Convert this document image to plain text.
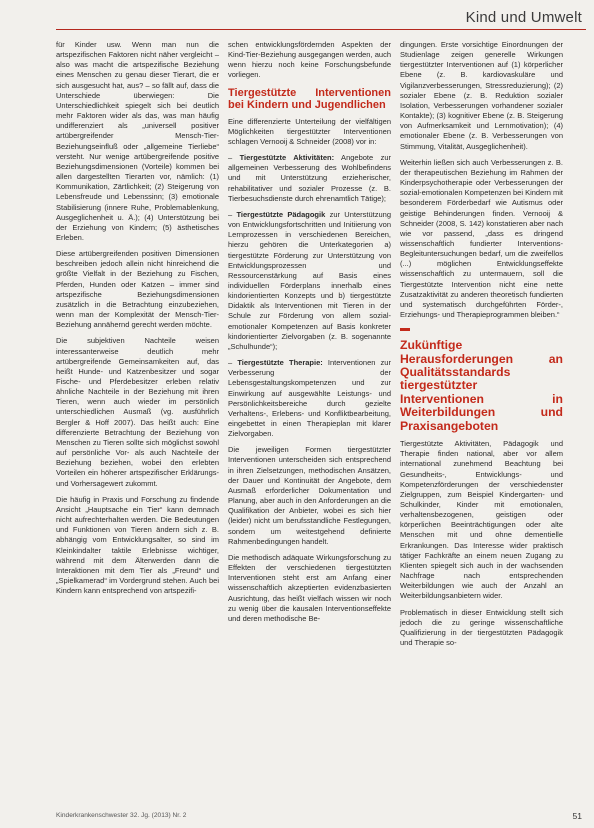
Kind und Umwelt

für Kinder usw. Wenn man nun die artspezifischen Faktoren nicht näher vergleicht – also was macht die artspezifische Beziehung eines Menschen zu genau dieser Tierart, die er sich ausgesucht hat, aus? – so fällt auf, dass die Unterschiede überwiegen: Die Unterschiedlichkeit spiegelt sich bei deutlich mehr Faktoren wider als das, was man häufig undifferenziert als „universell positiver artübergreifender Mensch-Tier-Beziehungseinfluß oder „allgemeine Tierliebe“ versteht. Nur wenige artübergreifende positive Beziehungsdimensionen (Vorteile) kommen bei allen dargestellten Tierarten vor, nämlich: (1) Kommunikation, Zärtlichkeit; (2) Steigerung von Lebensfreude und Lebenssinn; (3) emotionale Stabilisierung (innere Ruhe, Problemablenkung, Ausgeglichenheit u. Ä.); (4) Unterstützung bei der Erziehung von Kindern; (5) ästhetisches Erleben.

Diese artübergreifenden positiven Dimensionen beschreiben jedoch allein nicht hinreichend die größte Vielfalt in der Beziehung zu Fischen, Pferden, Hunden oder Katzen – immer sind artspezifische Beziehungsdimensionen zusätzlich in die Betrachtung einzubeziehen, wenn man der Komplexität der Mensch-Tier-Beziehung annähernd gerecht werden möchte.

Die subjektiven Nachteile weisen interessanterweise deutlich mehr artübergreifende Gemeinsamkeiten auf, das heißt Hunde- und Katzenbesitzer und sogar Fische- und Pferdebesitzer erleben relativ ähnliche Nachteile in der Beziehung mit ihren Tieren, wenn auch wieder im persönlich unterschiedlichen Ausmaß (vg. ausführlich Bergler & Hoff 2007). Das heißt auch: Eine differenzierte Betrachtung der Beziehung von Menschen zu Tieren sollte sich möglichst sowohl auf persönliche Vor- als auch Nachteile der Beziehung beziehen, wobei den erlebten Vorteilen ein höherer artspezifischer Erklärungs- und Vorhersagewert zukommt.

Die häufig in Praxis und Forschung zu findende Ansicht „Hauptsache ein Tier“ kann demnach nicht aufrechterhalten werden. Die Bedeutungen und Funktionen von Tieren ändern sich z. B. abhängig vom Entwicklungsalter, so sind im Kleinkindalter taktile Erlebnisse wichtiger, während mit dem Älterwerden dann die Interaktionen mit dem Tier als „Freund“ und „Spielkamerad“ im Vordergrund stehen. Auch bei Kindern kann entsprechend von artspezifi-

schen entwicklungsfördernden Aspekten der Kind-Tier-Beziehung ausgegangen werden, auch wenn hierzu noch keine Forschungsbefunde vorliegen.

Tiergestützte Interventionen bei Kindern und Jugendlichen

Eine differenzierte Unterteilung der vielfältigen Möglichkeiten tiergestützter Interventionen schlagen Vernooij & Schneider (2008) vor in:

– Tiergestützte Aktivitäten: Angebote zur allgemeinen Verbesserung des Wohlbefindens und mit Unterstützung erzieherischer, rehabilitativer und sozialer Prozesse (z. B. Tierbesuchsdienste durch ehrenamtlich Tätige);
– Tiergestützte Pädagogik zur Unterstützung von Entwicklungsfortschritten und Initiierung von Lernprozessen in verschiedenen Bereichen, hierzu gehören die Unterkategorien a) tiergestützte Förderung zur Unterstützung von Entwicklungsprozessen und Ressourcenstärkung auf Basis eines individuellen Förderplans innerhalb eines kindorientierten Konzepts und b) tiergestützte Didaktik als Interventionen mit Tieren in der Schule zur Förderung von allem sozial-emotionaler Kompetenzen auf Basis konkreter kindorientierter Zielvorgaben (z. B. sogenannte „Schulhunde“);
– Tiergestützte Therapie: Interventionen zur Verbesserung der Lebensgestaltungskompetenzen und zur Einwirkung auf ausgewählte Leistungs- und Persönlichkeitsbereiche durch gezielte Verhaltens-, Erlebens- und Konfliktbearbeitung, eingebettet in einen Therapieplan mit klarer Zielvorgaben.

Die jeweiligen Formen tiergestützter Interventionen unterscheiden sich entsprechend in ihren Zielsetzungen, methodischen Ansätzen, der Dauer und Kontinuität der Angebote, dem Ausmaß erforderlicher Dokumentation und Planung, aber auch in den Anforderungen an die Qualifikation der Anbieter, wobei es sich hier (leider) nicht um berufsstandliche Festlegungen, sondern um weitestgehend definierte Rahmenbedingungen handelt.

Die methodisch adäquate Wirkungsforschung zu Effekten der verschiedenen tiergestützten Interventionen steht erst am Anfang einer wissenschaftlich akzeptierten evidenzbasierten Ausrichtung, das heißt vielfach wissen wir noch zu wenig über die kausalen Interventionseffekte und deren methodische Be-

dingungen. Erste vorsichtige Einordnungen der Studienlage zeigen generelle Wirkungen tiergestützter Interventionen auf (1) körperlicher Ebene (z. B. kardiovaskuläre und Vigilanzverbesserungen, Stressreduzierung); (2) sozialer Ebene (z. B. Reduktion sozialer Isolation, Verbesserungen vorhandener sozialer Kontakte); (3) kognitiver Ebene (z. B. Steigerung von Aufmerksamkeit und Lernmotivation); (4) emotionaler Ebene (z. B. Verbesserungen von Stimmung, Vitalität, Ausgeglichenheit).

Weiterhin ließen sich auch Verbesserungen z. B. der therapeutischen Beziehung im Rahmen der Kinderpsychotherapie oder Verbesserungen der sozial-emotionalen Kompetenzen bei Kindern mit besonderem Förderbedarf wie Autismus oder geistige Behinderungen finden. Vernooij & Schneider (2008, S. 142) konstatieren aber nach wie vor passend, „dass es dringend wissenschaftlich fundierter Interventions-Begleituntersuchungen bedarf, um die zweifellos (...) möglichen Entwicklungseffekte wissenschaftlich zu untermauern, soll die Tiergestützte Intervention nicht eine nette Zusatzaktivität zu anderen theoretisch fundierten und systematisch durchgeführten Förder-, Erziehungs- und Therapieprogrammen bleiben.“

Zukünftige Herausforderungen an Qualitätsstandards tiergestützter Interventionen in Weiterbildungen und Praxisangeboten

Tiergestützte Aktivitäten, Pädagogik und Therapie finden national, aber vor allem international zunehmend Beachtung bei Gesundheits-, Entwicklungs- und Kompetenzförderungen der verschiedenster Zielgruppen, zum Beispiel Kindergarten- und Schulkinder, Kinder mit emotionalen, verhaltensbezogenen, geistigen oder körperlichen Beeinträchtigungen oder alte Menschen mit und ohne dementielle Erkrankungen. Das Interesse wider praktisch tätiger Fachkräfte an einem neuen Zugang zu Klienten spiegelt sich auch in der wachsenden Nachfrage nach entsprechenden Weiterbildungen wie auch der Anzahl an Weiterbildungsanbietern wider.

Problematisch in dieser Entwicklung stellt sich jedoch die zu geringe wissenschaftliche Qualifizierung in der tiergestützten Pädagogik und Therapie so-

Kinderkrankenschwester 32. Jg. (2013) Nr. 2	51
